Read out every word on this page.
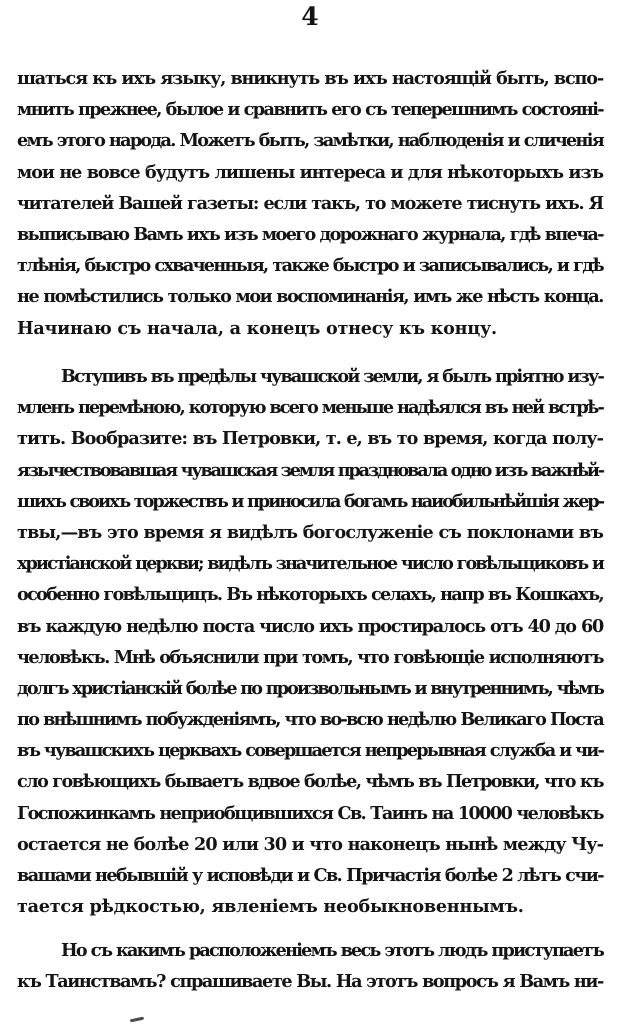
4
шаться къ ихъ языку, вникнуть въ ихъ настоящій быть, вспо-
мнить прежнее, былое и сравнить его съ теперешнимъ состояні-
емъ этого народа. Можетъ быть, замѣтки, наблюденія и сличенія
мои не вовсе будутъ лишены интереса и для нѣкоторыхъ изъ
читателей Вашей газеты: если такъ, то можете тиснуть ихъ. Я
выписываю Вамъ ихъ изъ моего дорожнаго журнала, гдѣ впеча-
тлѣнія, быстро схваченныя, также быстро и записывались, и гдѣ
не помѣстились только мои воспоминанія, имъ же нѣсть конца.
Начинаю съ начала, а конецъ отнесу къ концу.
Вступивъ въ предѣлы чувашской земли, я былъ пріятно изу-
мленъ перемѣною, которую всего меньше надѣялся въ ней встрѣ-
тить. Вообразите: въ Петровки, т. е, въ то время, когда полу-
язычествовавшая чувашская земля праздновала одно изъ важнѣй-
шихъ своихъ торжествъ и приносила богамъ наиобильнѣйшія жер-
твы,—въ это время я видѣлъ богослуженіе съ поклонами въ
христіанской церкви; видѣлъ значительное число говѣльщиковъ и
особенно говѣльщицъ. Въ нѣкоторыхъ селахъ, напр въ Кошкахъ,
въ каждую недѣлю поста число ихъ простиралось отъ 40 до 60
человѣкъ. Мнѣ объяснили при томъ, что говѣющіе исполняютъ
долгъ христіанскій болѣе по произвольнымъ и внутреннимъ, чѣмъ
по внѣшнимъ побужденіямъ, что во-всю недѣлю Великаго Поста
въ чувашскихъ церквахъ совершается непрерывная служба и чи-
сло говѣющихъ бываетъ вдвое болѣе, чѣмъ въ Петровки, что къ
Госпожинкамъ неприобщившихся Св. Таинъ на 10000 человѣкъ
остается не болѣе 20 или 30 и что наконецъ нынѣ между Чу-
вашами небывшій у исповѣди и Св. Причастія болѣе 2 лѣтъ счи-
тается рѣдкостью, явленіемъ необыкновеннымъ.
Но съ какимъ расположеніемъ весь этотъ людъ приступаетъ
къ Таинствамъ? спрашиваете Вы. На этотъ вопросъ я Вамъ ни-
